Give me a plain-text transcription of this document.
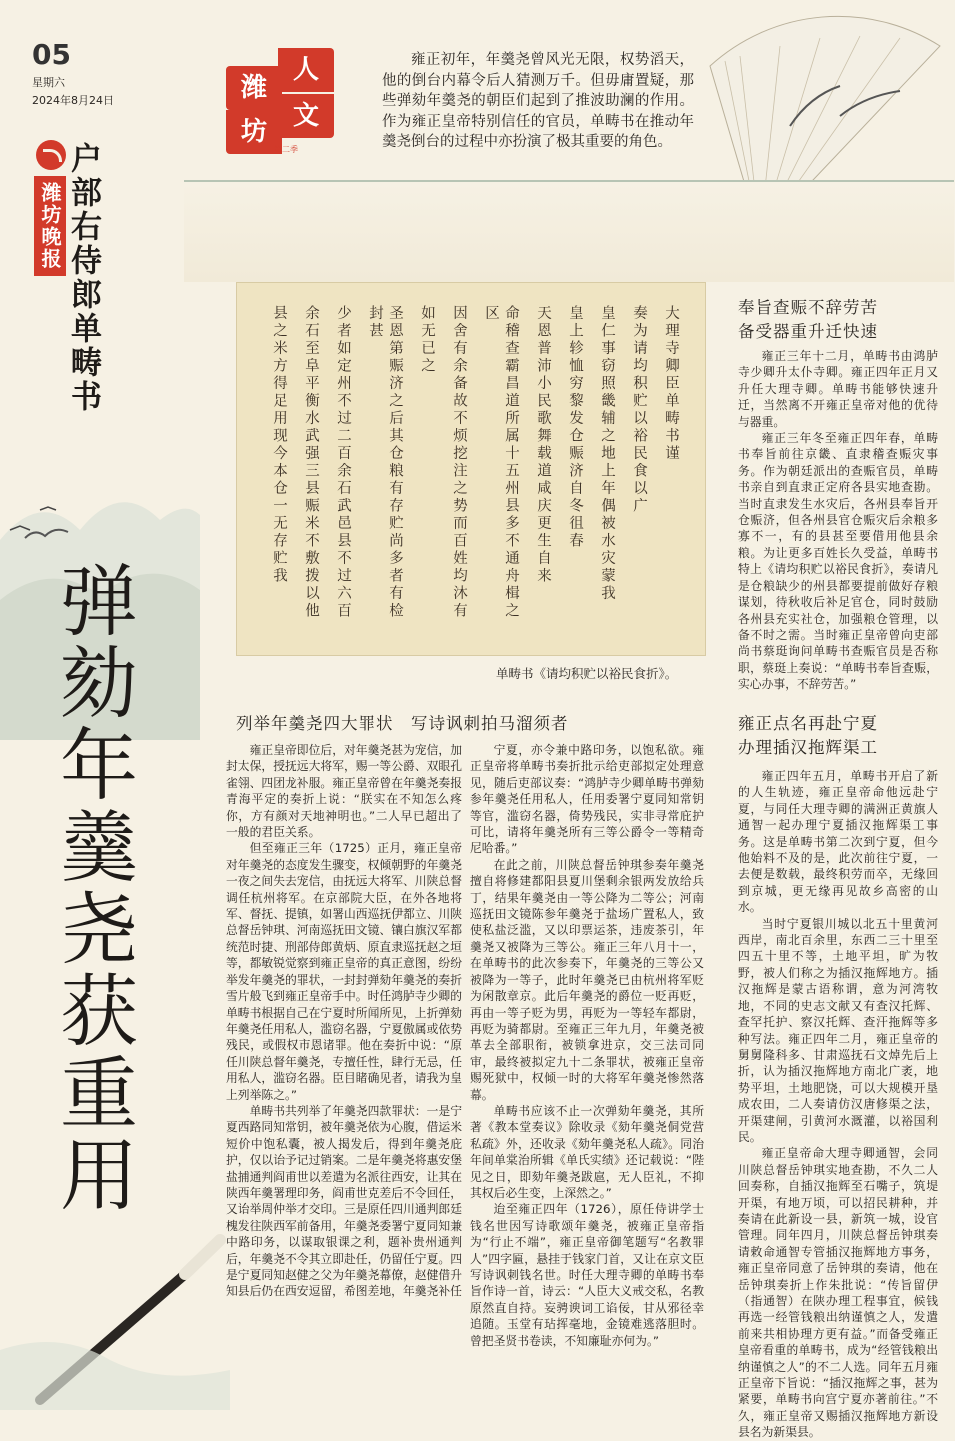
05
星期六
2024年8月24日
潍坊晚报 户部右侍郎单畴书
潍
人
坊
文
第二季
雍正初年，年羹尧曾风光无限，权势滔天，他的倒台内幕令后人猜测万千。但毋庸置疑，那些弹劾年羹尧的朝臣们起到了推波助澜的作用。作为雍正皇帝特别信任的官员，单畴书在推动年羹尧倒台的过程中亦扮演了极其重要的角色。
弹劾年羹尧获重用
大理寺卿臣单畴书谨
奏为请均积贮以裕民食以广
皇仁事窃照畿辅之地上年偶被水灾蒙我
皇上轸恤穷黎发仓赈济自冬徂春
天恩普沛小民歌舞载道咸庆更生自来
命稽查霸昌道所属十五州县多不通舟楫之区
因舍有余备故不烦挖注之势而百姓均沐有
如无已之
圣恩第赈济之后其仓粮有存贮尚多者有检封甚
少者如定州不过二百余石武邑县不过六百
余石至阜平衡水武强三县赈米不敷拨以他
县之米方得足用现今本仓一无存贮我
单畴书《请均积贮以裕民食折》。
列举年羹尧四大罪状　写诗讽刺拍马溜须者

雍正皇帝即位后，对年羹尧甚为宠信，加封太保，授抚远大将军，赐一等公爵、双眼孔雀翎、四团龙补服。雍正皇帝曾在年羹尧奏报青海平定的奏折上说：“朕实在不知怎么疼你，方有颜对天地神明也。”二人早已超出了一般的君臣关系。

但至雍正三年（1725）正月，雍正皇帝对年羹尧的态度发生骤变，权倾朝野的年羹尧一夜之间失去宠信，由抚远大将军、川陕总督调任杭州将军。在京部院大臣，在外各地将军、督抚、提镇，如署山西巡抚伊都立、川陕总督岳钟琪、河南巡抚田文镜、镶白旗汉军都统范时捷、刑部侍郎黄炳、原直隶巡抚赵之垣等，都敏锐觉察到雍正皇帝的真正意图，纷纷举发年羹尧的罪状，一封封弹劾年羹尧的奏折雪片般飞到雍正皇帝手中。时任鸿胪寺少卿的单畴书根据自己在宁夏时所闻所见，上折弹劾年羹尧任用私人，滥窃名器，宁夏傲属或依势残民，或假权市恩诸罪。他在奏折中说：“原任川陕总督年羹尧，专擅任性，肆行无忌，任用私人，滥窃名器。臣目睹确见者，请我为皇上列举陈之。”

单畴书共列举了年羹尧四款罪状：一是宁夏西路同知常钥，被年羹尧依为心腹，借运米短价中饱私囊，被人揭发后，得到年羹尧庇护，仅以诒予记过销案。二是年羹尧将惠安堡盐捕通判阎甫世以差遣为名派往西安，让其在陕西年羹署理印务，阎甫世克差后不令回任，又诒举周仲举才交印。三是原任四川通判郎廷槐发往陕西军前备用，年羹尧委署宁夏同知兼中路印务，以谋取银课之利，题补贵州通判后，年羹尧不令其立即赴任，仍留任宁夏。四是宁夏同知赵健之父为年羹尧幕僚，赵健借升知县后仍在西安逗留，希图差地，年羹尧补任

宁夏，亦令兼中路印务，以饱私欲。雍正皇帝将单畴书奏折批示给吏部拟定处理意见，随后吏部议奏：“鸿胪寺少卿单畴书弹劾参年羹尧任用私人，任用委署宁夏同知常钥等官，滥窃名器，倚势残民，实非寻常庇护可比，请将年羹尧所有三等公爵令一等精奇尼哈番。”

在此之前，川陕总督岳钟琪参奏年羹尧擅自将修建都阳县夏川堡剩余银两发放给兵丁，结果年羹尧由一等公降为二等公；河南巡抚田文镜陈参年羹尧于盐场广置私人，致使私盐泛滥，又以印票运茶，违废茶引，年羹尧又被降为三等公。雍正三年八月十一，在单畴书的此次参奏下，年羹尧的三等公又被降为一等子，此时年羹尧已由杭州将军贬为闲散章京。此后年羹尧的爵位一贬再贬，再由一等子贬为男，再贬为一等轻车都尉，再贬为骑都尉。至雍正三年九月，年羹尧被革去全部职衔，被锁拿进京，交三法司同审，最终被拟定九十二条罪状，被雍正皇帝赐死狱中，权倾一时的大将军年羹尧惨然落幕。

单畴书应该不止一次弹劾年羹尧，其所著《教本堂奏议》除收录《劾年羹尧侗党营私疏》外，还收录《劾年羹尧私人疏》。同治年间单棠治所辑《单氏实绩》还记载说：“陛见之日，即劾年羹尧跋扈，无人臣礼，不抑其权后必生变，上深然之。”

迨至雍正四年（1726），原任侍讲学士钱名世因写诗歌颂年羹尧，被雍正皇帝指为“行止不端”，雍正皇帝御笔题写“名教罪人”四字匾，悬挂于钱家门首，又让在京文臣写诗讽刺钱名世。时任大理寺卿的单畴书奉旨作诗一首，诗云：“人臣大义戒交私，名教原然直自持。妄骋谀词工谄佞，甘从邪径幸追随。玉堂有玷挥毫地，金镜难逃落胆时。曾把圣贤书卷读，不知廉耻亦何为。”

奉旨查赈不辞劳苦
备受器重升迁快速

雍正三年十二月，单畴书由鸿胪寺少卿升太仆寺卿。雍正四年正月又升任大理寺卿。单畴书能够快速升迁，当然离不开雍正皇帝对他的优待与器重。

雍正三年冬至雍正四年春，单畴书奉旨前往京畿、直隶稽查赈灾事务。作为朝廷派出的查赈官员，单畴书亲自到直隶正定府各县实地查勘。当时直隶发生水灾后，各州县奉旨开仓赈济，但各州县官仓赈灾后余粮多寡不一，有的县甚至要借用他县余粮。为让更多百姓长久受益，单畴书特上《请均积贮以裕民食折》，奏请凡是仓粮缺少的州县都要提前做好存粮谋划，待秋收后补足官仓，同时鼓励各州县充实社仓，加强粮仓管理，以备不时之需。当时雍正皇帝曾向吏部尚书蔡珽询问单畴书查赈官员是否称职，蔡珽上奏说：“单畴书奉旨查赈，实心办事，不辞劳苦。”

雍正点名再赴宁夏
办理插汉拖辉渠工

雍正四年五月，单畴书开启了新的人生轨迹，雍正皇帝命他远赴宁夏，与同任大理寺卿的满洲正黄旗人通智一起办理宁夏插汉拖辉渠工事务。这是单畴书第二次到宁夏，但今他始料不及的是，此次前往宁夏，一去便是数载，最终积劳而卒，无缘回到京城，更无缘再见故乡高密的山水。

当时宁夏银川城以北五十里黄河西岸，南北百余里，东西二三十里至四五十里不等，土地平坦，旷为牧野，被人们称之为插汉拖辉地方。插汉拖辉是蒙古语称谓，意为河湾牧地，不同的史志文献又有查汉托辉、查罕托护、察汉托辉、查汗拖辉等多种写法。雍正四年二月，雍正皇帝的舅舅隆科多、甘肃巡抚石文焯先后上折，认为插汉拖辉地方南北广袤，地势平坦，土地肥饶，可以大规模开垦成农田，二人奏请仿汉唐修渠之法，开渠建闸，引黄河水溉灌，以裕国利民。

雍正皇帝命大理寺卿通智，会同川陕总督岳钟琪实地查勘，不久二人回奏称，自插汉拖辉至石嘴子，筑堤开渠，有地万顷，可以招民耕种，并奏请在此新设一县，新筑一城，设官管理。同年四月，川陕总督岳钟琪奏请敕命通智专管插汉拖辉地方事务，雍正皇帝同意了岳钟琪的奏请，他在岳钟琪奏折上作朱批说：“传旨留伊（指通智）在陕办理工程事宜，候钱再选一经管钱粮出纳谨慎之人，发遣前来共相协理方更有益。”而备受雍正皇帝看重的单畴书，成为“经管钱粮出纳谨慎之人”的不二人选。同年五月雍正皇帝下旨说：“插汉拖辉之事，甚为紧要，单畴书向宫宁夏亦著前往。”不久，雍正皇帝又赐插汉拖辉地方新设县名为新渠县。
